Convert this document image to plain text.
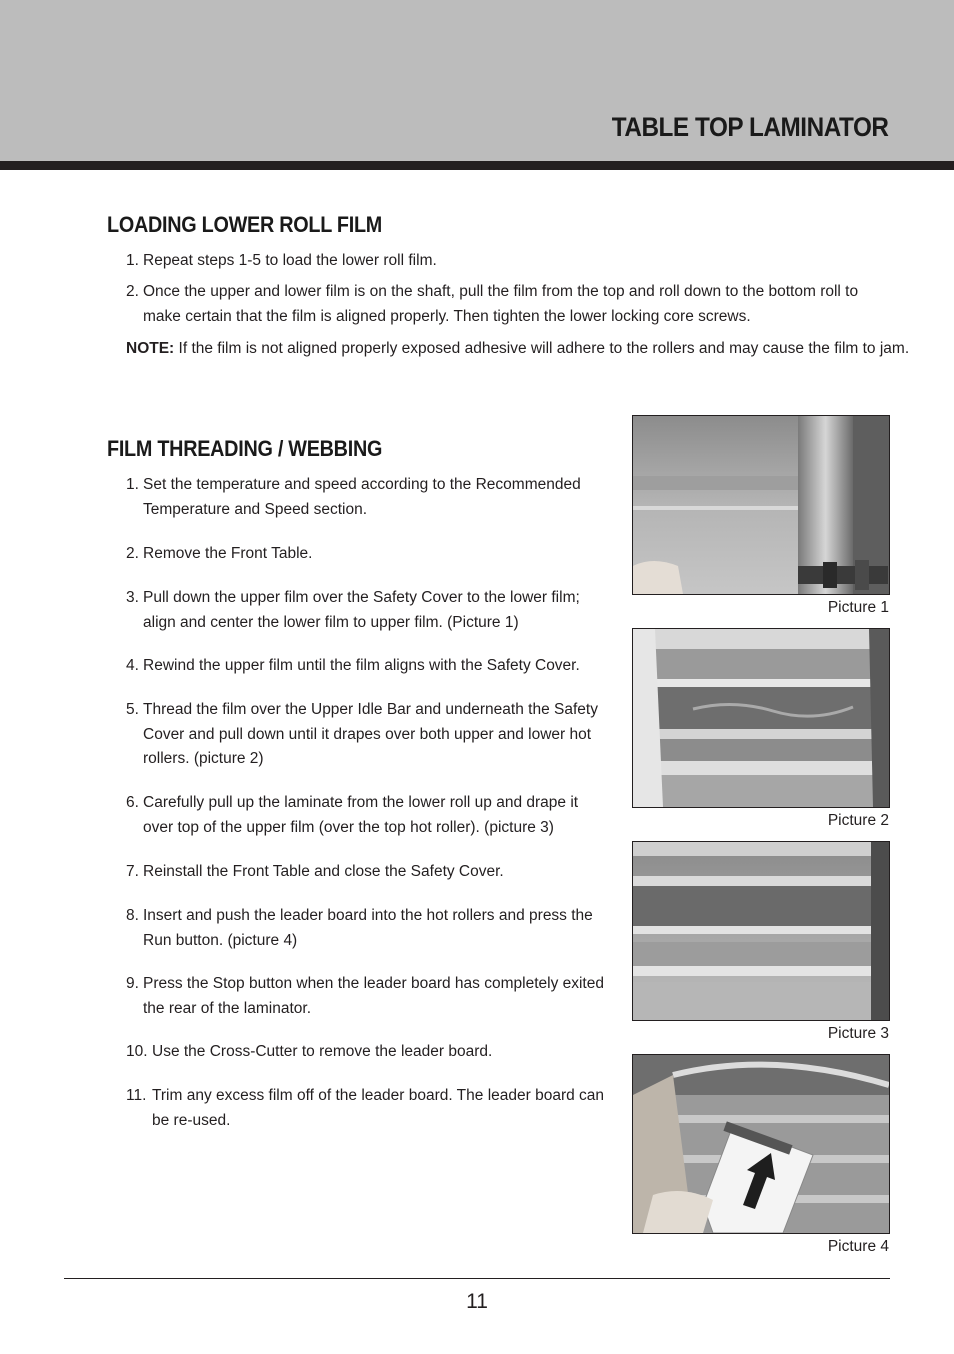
TABLE TOP LAMINATOR
LOADING LOWER ROLL FILM
1. Repeat steps 1-5 to load the lower roll film.
2. Once the upper and lower film is on the shaft, pull the film from the top and roll down to the bottom roll to make certain that the film is aligned properly. Then tighten the lower locking core screws.
NOTE: If the film is not aligned properly exposed adhesive will adhere to the rollers and may cause the film to jam.
FILM THREADING / WEBBING
1. Set the temperature and speed according to the Recommended Temperature and Speed section.
2. Remove the Front Table.
3. Pull down the upper film over the Safety Cover to the lower film; align and center the lower film to upper film. (Picture 1)
4. Rewind the upper film until the film aligns with the Safety Cover.
5. Thread the film over the Upper Idle Bar and underneath the Safety Cover and pull down until it drapes over both upper and lower hot rollers. (picture 2)
6. Carefully pull up the laminate from the lower roll up and drape it over top of the upper film (over the top hot roller). (picture 3)
7. Reinstall the Front Table and close the Safety Cover.
8. Insert and push the leader board into the hot rollers and press the Run button. (picture 4)
9. Press the Stop button when the leader board has completely exited the rear of the laminator.
10. Use the Cross-Cutter to remove the leader board.
11. Trim any excess film off of the leader board. The leader board can be re-used.
Picture 1
Picture 2
Picture 3
Picture 4
11
